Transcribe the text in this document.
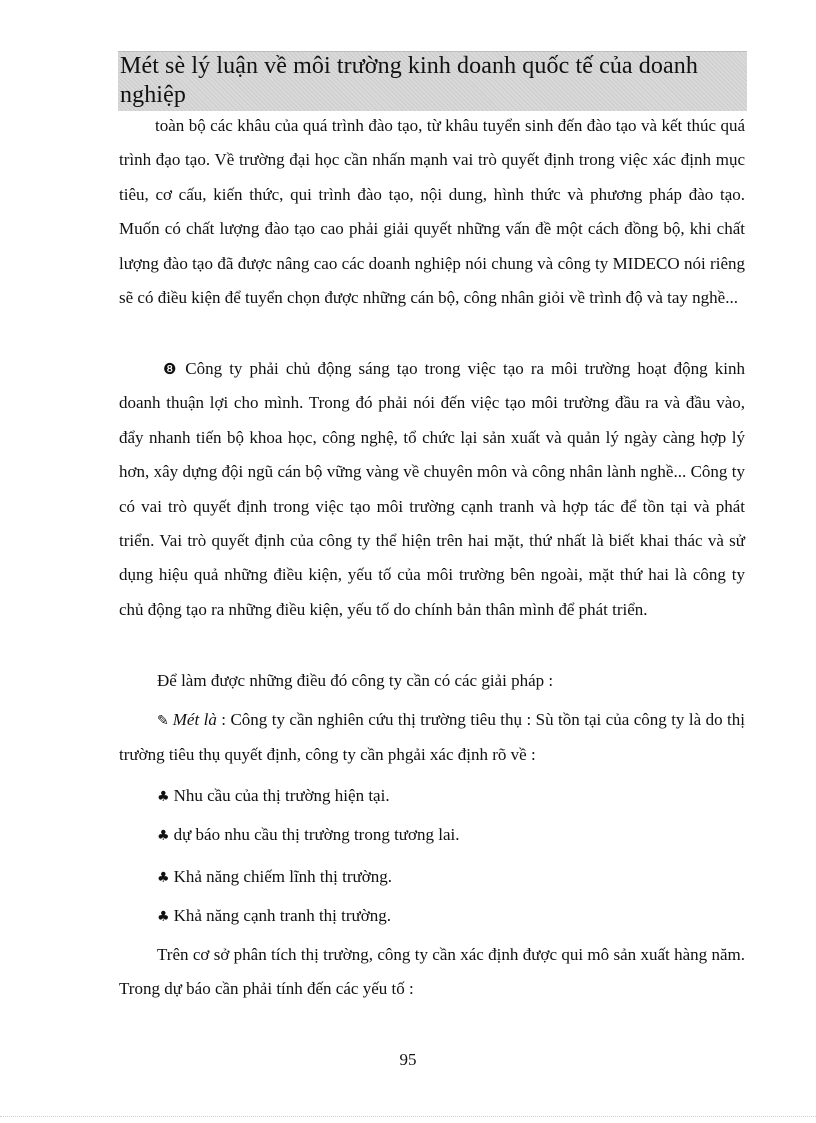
Mét sè lý luận về môi trường kinh doanh quốc tế của doanh nghiệp

toàn bộ các khâu của quá trình đào tạo, từ khâu tuyển sinh đến đào tạo và kết thúc quá trình đạo tạo. Về trường đại học cần nhấn mạnh vai trò quyết định trong việc xác định mục tiêu, cơ cấu, kiến thức, qui trình đào tạo, nội dung, hình thức và phương pháp đào tạo. Muốn có chất lượng đào tạo cao phải giải quyết những vấn đề một cách đồng bộ, khi chất lượng đào tạo đã được nâng cao các doanh nghiệp nói chung và công ty MIDECO nói riêng sẽ có điều kiện để tuyển chọn được những cán bộ, công nhân giỏi về trình độ và tay nghề...

❽ Công ty phải chủ động sáng tạo trong việc tạo ra môi trường hoạt động kinh doanh thuận lợi cho mình. Trong đó phải nói đến việc tạo môi trường đầu ra và đầu vào, đẩy nhanh tiến bộ khoa học, công nghệ, tổ chức lại sản xuất và quản lý ngày càng hợp lý hơn, xây dựng đội ngũ cán bộ vững vàng về chuyên môn và công nhân lành nghề... Công ty có vai trò quyết định trong việc tạo môi trường cạnh tranh và hợp tác để tồn tại và phát triển. Vai trò quyết định của công ty thể hiện trên hai mặt, thứ nhất là biết khai thác và sử dụng hiệu quả những điều kiện, yếu tố của môi trường bên ngoài, mặt thứ hai là công ty chủ động tạo ra những điều kiện, yếu tố do chính bản thân mình để phát triển.

Để làm được những điều đó công ty cần có các giải pháp :

✎ Mét là : Công ty cần nghiên cứu thị trường tiêu thụ : Sù tồn tại của công ty là do thị trường tiêu thụ quyết định, công ty cần phgải xác định rõ về :

♣ Nhu cầu của thị trường hiện tại.

♣ dự báo nhu cầu thị trường trong tương lai.

♣ Khả năng chiếm lĩnh thị trường.

♣ Khả năng cạnh tranh thị trường.

Trên cơ sở phân tích thị trường, công ty cần xác định được qui mô sản xuất hàng năm. Trong dự báo cần phải tính đến các yếu tố :

95
